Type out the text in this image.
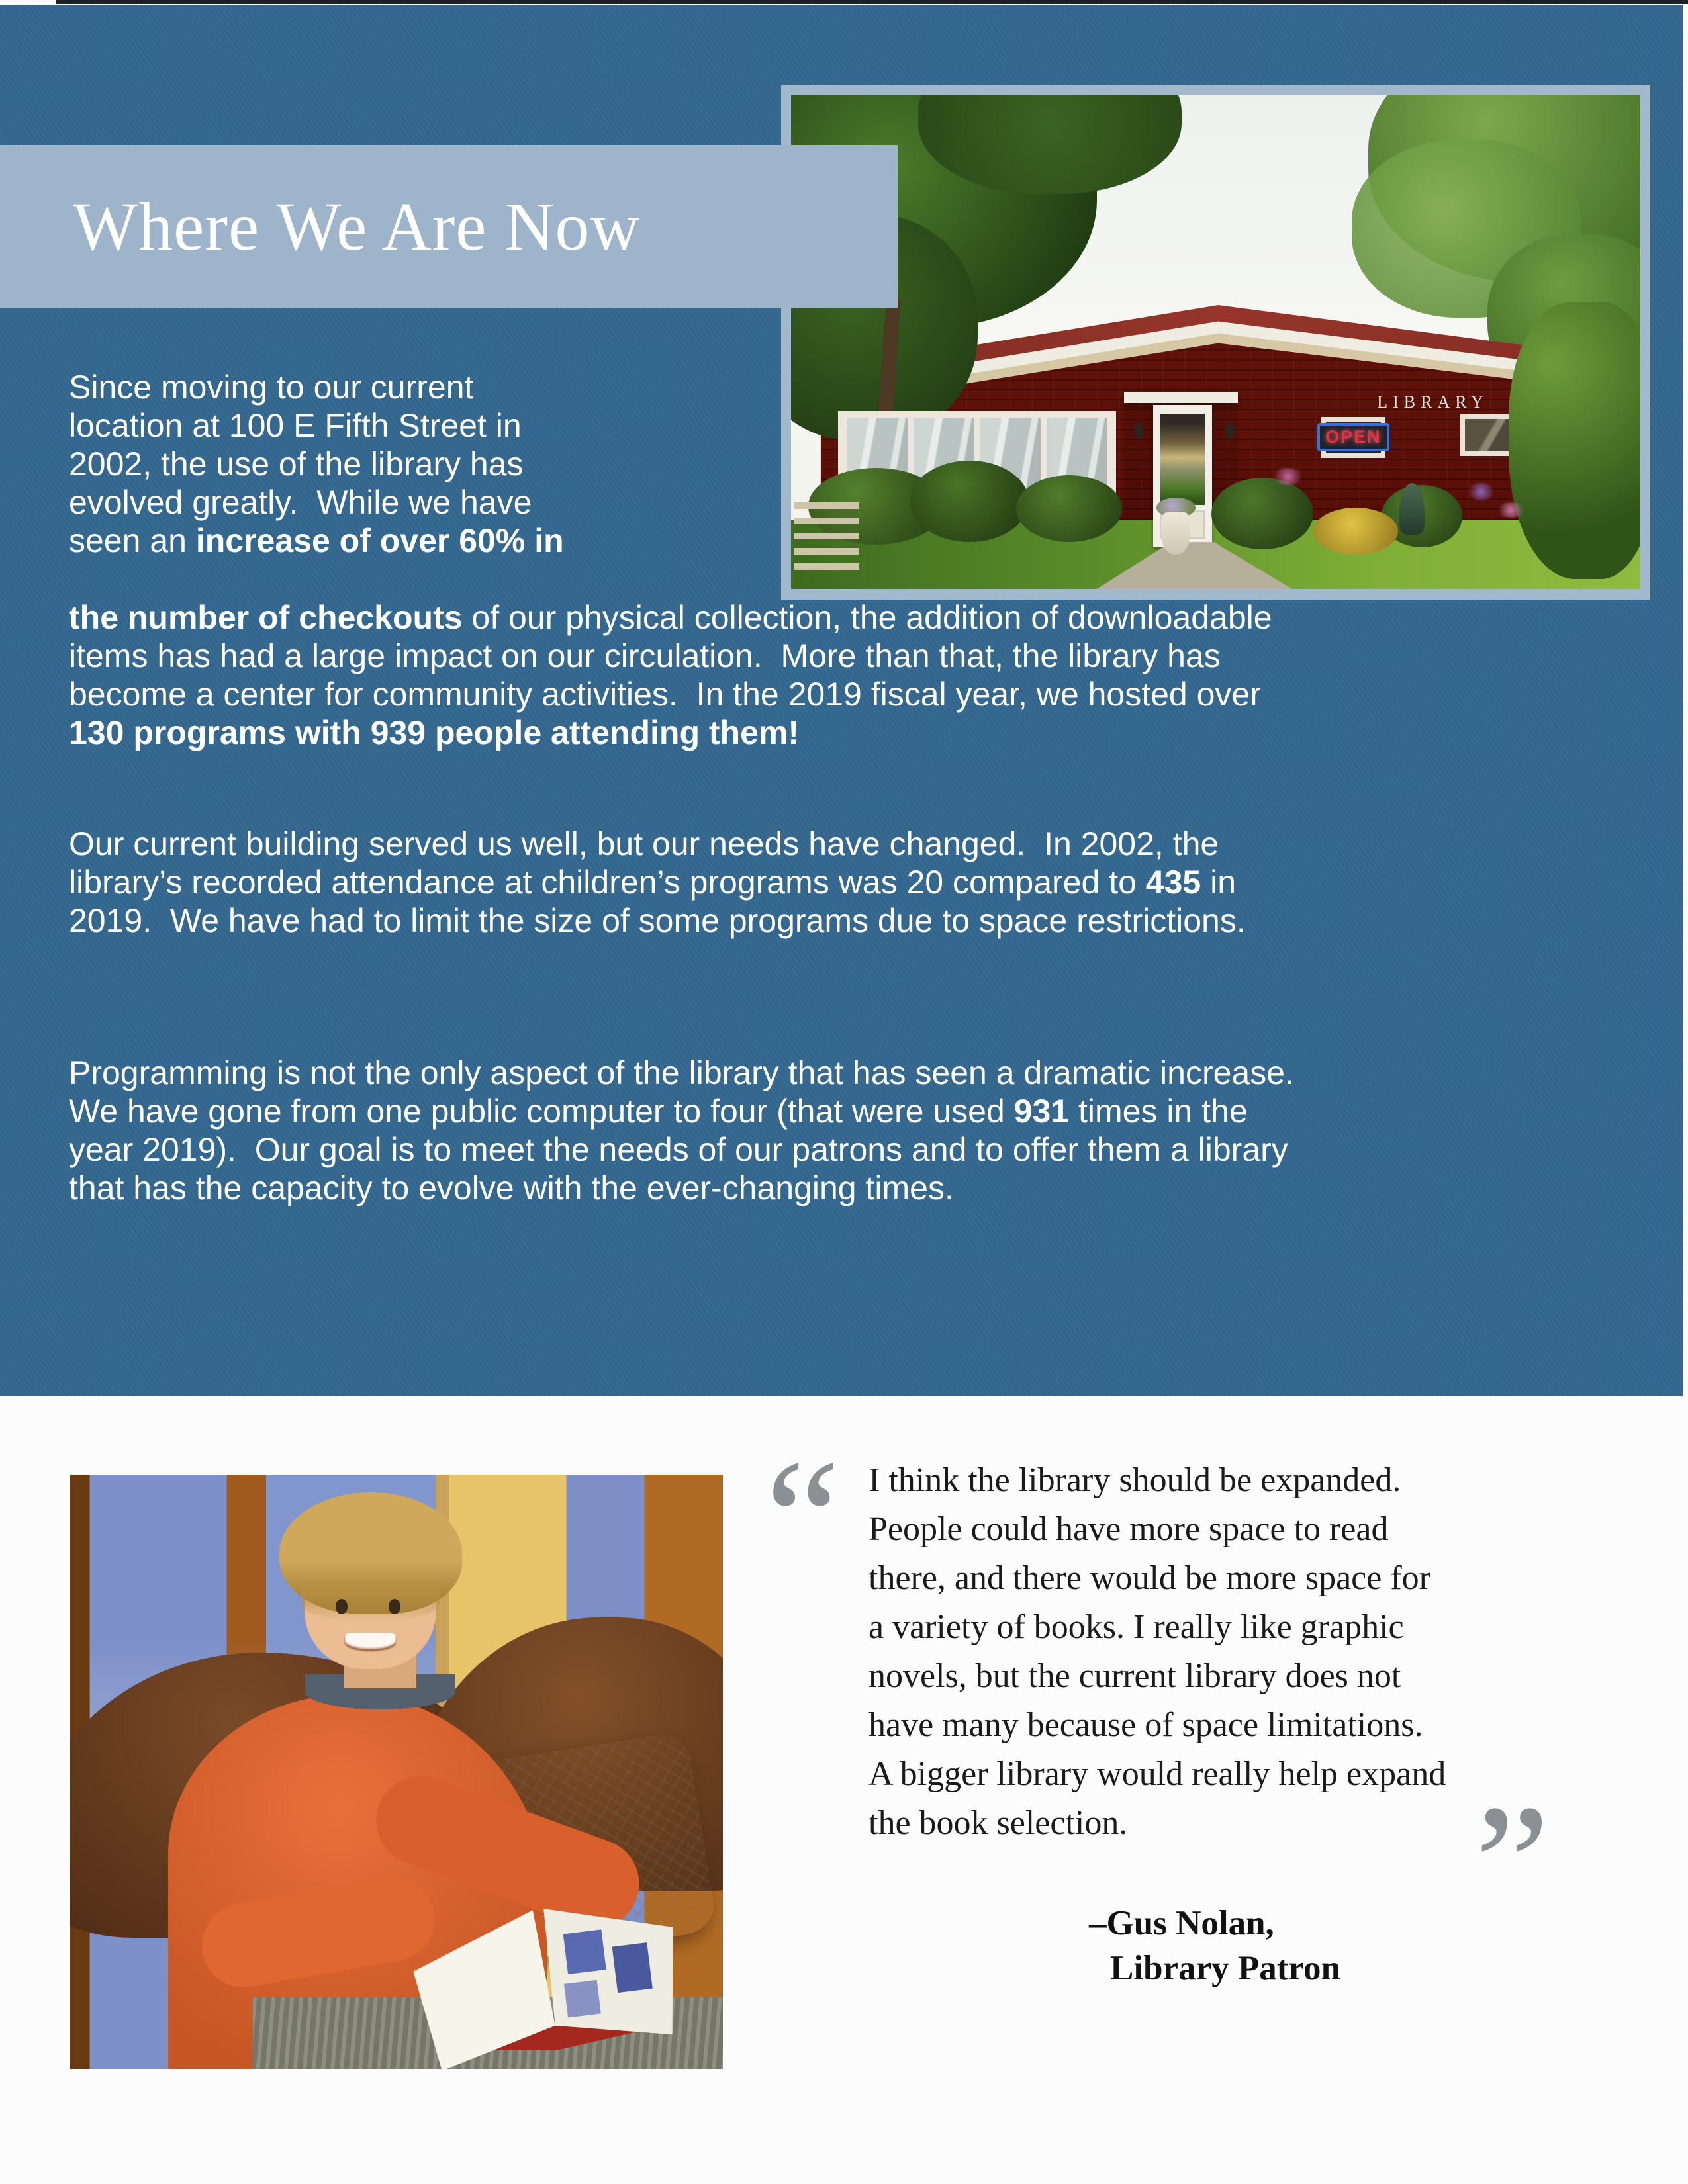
OPEN
LIBRARY
Where We Are Now
Since moving to our current
location at 100 E Fifth Street in
2002, the use of the library has
evolved greatly.  While we have
seen an increase of over 60% in
the number of checkouts of our physical collection, the addition of downloadable
items has had a large impact on our circulation.  More than that, the library has
become a center for community activities.  In the 2019 fiscal year, we hosted over
130 programs with 939 people attending them!
Our current building served us well, but our needs have changed.  In 2002, the
library’s recorded attendance at children’s programs was 20 compared to 435 in
2019.  We have had to limit the size of some programs due to space restrictions.
Programming is not the only aspect of the library that has seen a dramatic increase.
We have gone from one public computer to four (that were used 931 times in the
year 2019).  Our goal is to meet the needs of our patrons and to offer them a library
that has the capacity to evolve with the ever-changing times.
“ I think the library should be expanded.
People could have more space to read
there, and there would be more space for
a variety of books. I really like graphic
novels, but the current library does not
have many because of space limitations.
A bigger library would really help expand
the book selection.	”
–Gus Nolan,
Library Patron
